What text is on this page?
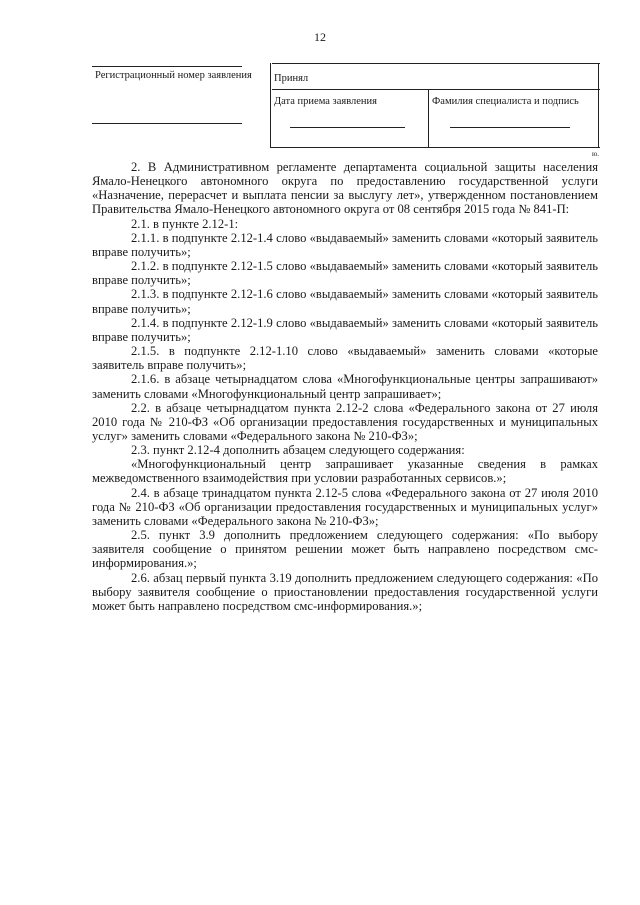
12
Регистрационный номер заявления Принял
Дата приема заявления	Фамилия специалиста и подпись
ю.

2. В Административном регламенте департамента социальной защиты населения Ямало-Ненецкого автономного округа по предоставлению государственной услуги «Назначение, перерасчет и выплата пенсии за выслугу лет», утвержденном постановлением Правительства Ямало-Ненецкого автономного округа от 08 сентября 2015 года № 841-П:

2.1. в пункте 2.12-1:

2.1.1. в подпункте 2.12-1.4 слово «выдаваемый» заменить словами «который заявитель вправе получить»;

2.1.2. в подпункте 2.12-1.5 слово «выдаваемый» заменить словами «который заявитель вправе получить»;

2.1.3. в подпункте 2.12-1.6 слово «выдаваемый» заменить словами «который заявитель вправе получить»;

2.1.4. в подпункте 2.12-1.9 слово «выдаваемый» заменить словами «который заявитель вправе получить»;

2.1.5. в подпункте 2.12-1.10 слово «выдаваемый» заменить словами «которые заявитель вправе получить»;

2.1.6. в абзаце четырнадцатом слова «Многофункциональные центры запрашивают» заменить словами «Многофункциональный центр запрашивает»;

2.2. в абзаце четырнадцатом пункта 2.12-2 слова «Федерального закона от 27 июля 2010 года № 210-ФЗ «Об организации предоставления государственных и муниципальных услуг» заменить словами «Федерального закона № 210-ФЗ»;

2.3. пункт 2.12-4 дополнить абзацем следующего содержания:

«Многофункциональный центр запрашивает указанные сведения в рамках межведомственного взаимодействия при условии разработанных сервисов.»;

2.4. в абзаце тринадцатом пункта 2.12-5 слова «Федерального закона от 27 июля 2010 года № 210-ФЗ «Об организации предоставления государственных и муниципальных услуг» заменить словами «Федерального закона № 210-ФЗ»;

2.5. пункт 3.9 дополнить предложением следующего содержания: «По выбору заявителя сообщение о принятом решении может быть направлено посредством смс-информирования.»;

2.6. абзац первый пункта 3.19 дополнить предложением следующего содержания: «По выбору заявителя сообщение о приостановлении предоставления государственной услуги может быть направлено посредством смс-информирования.»;
